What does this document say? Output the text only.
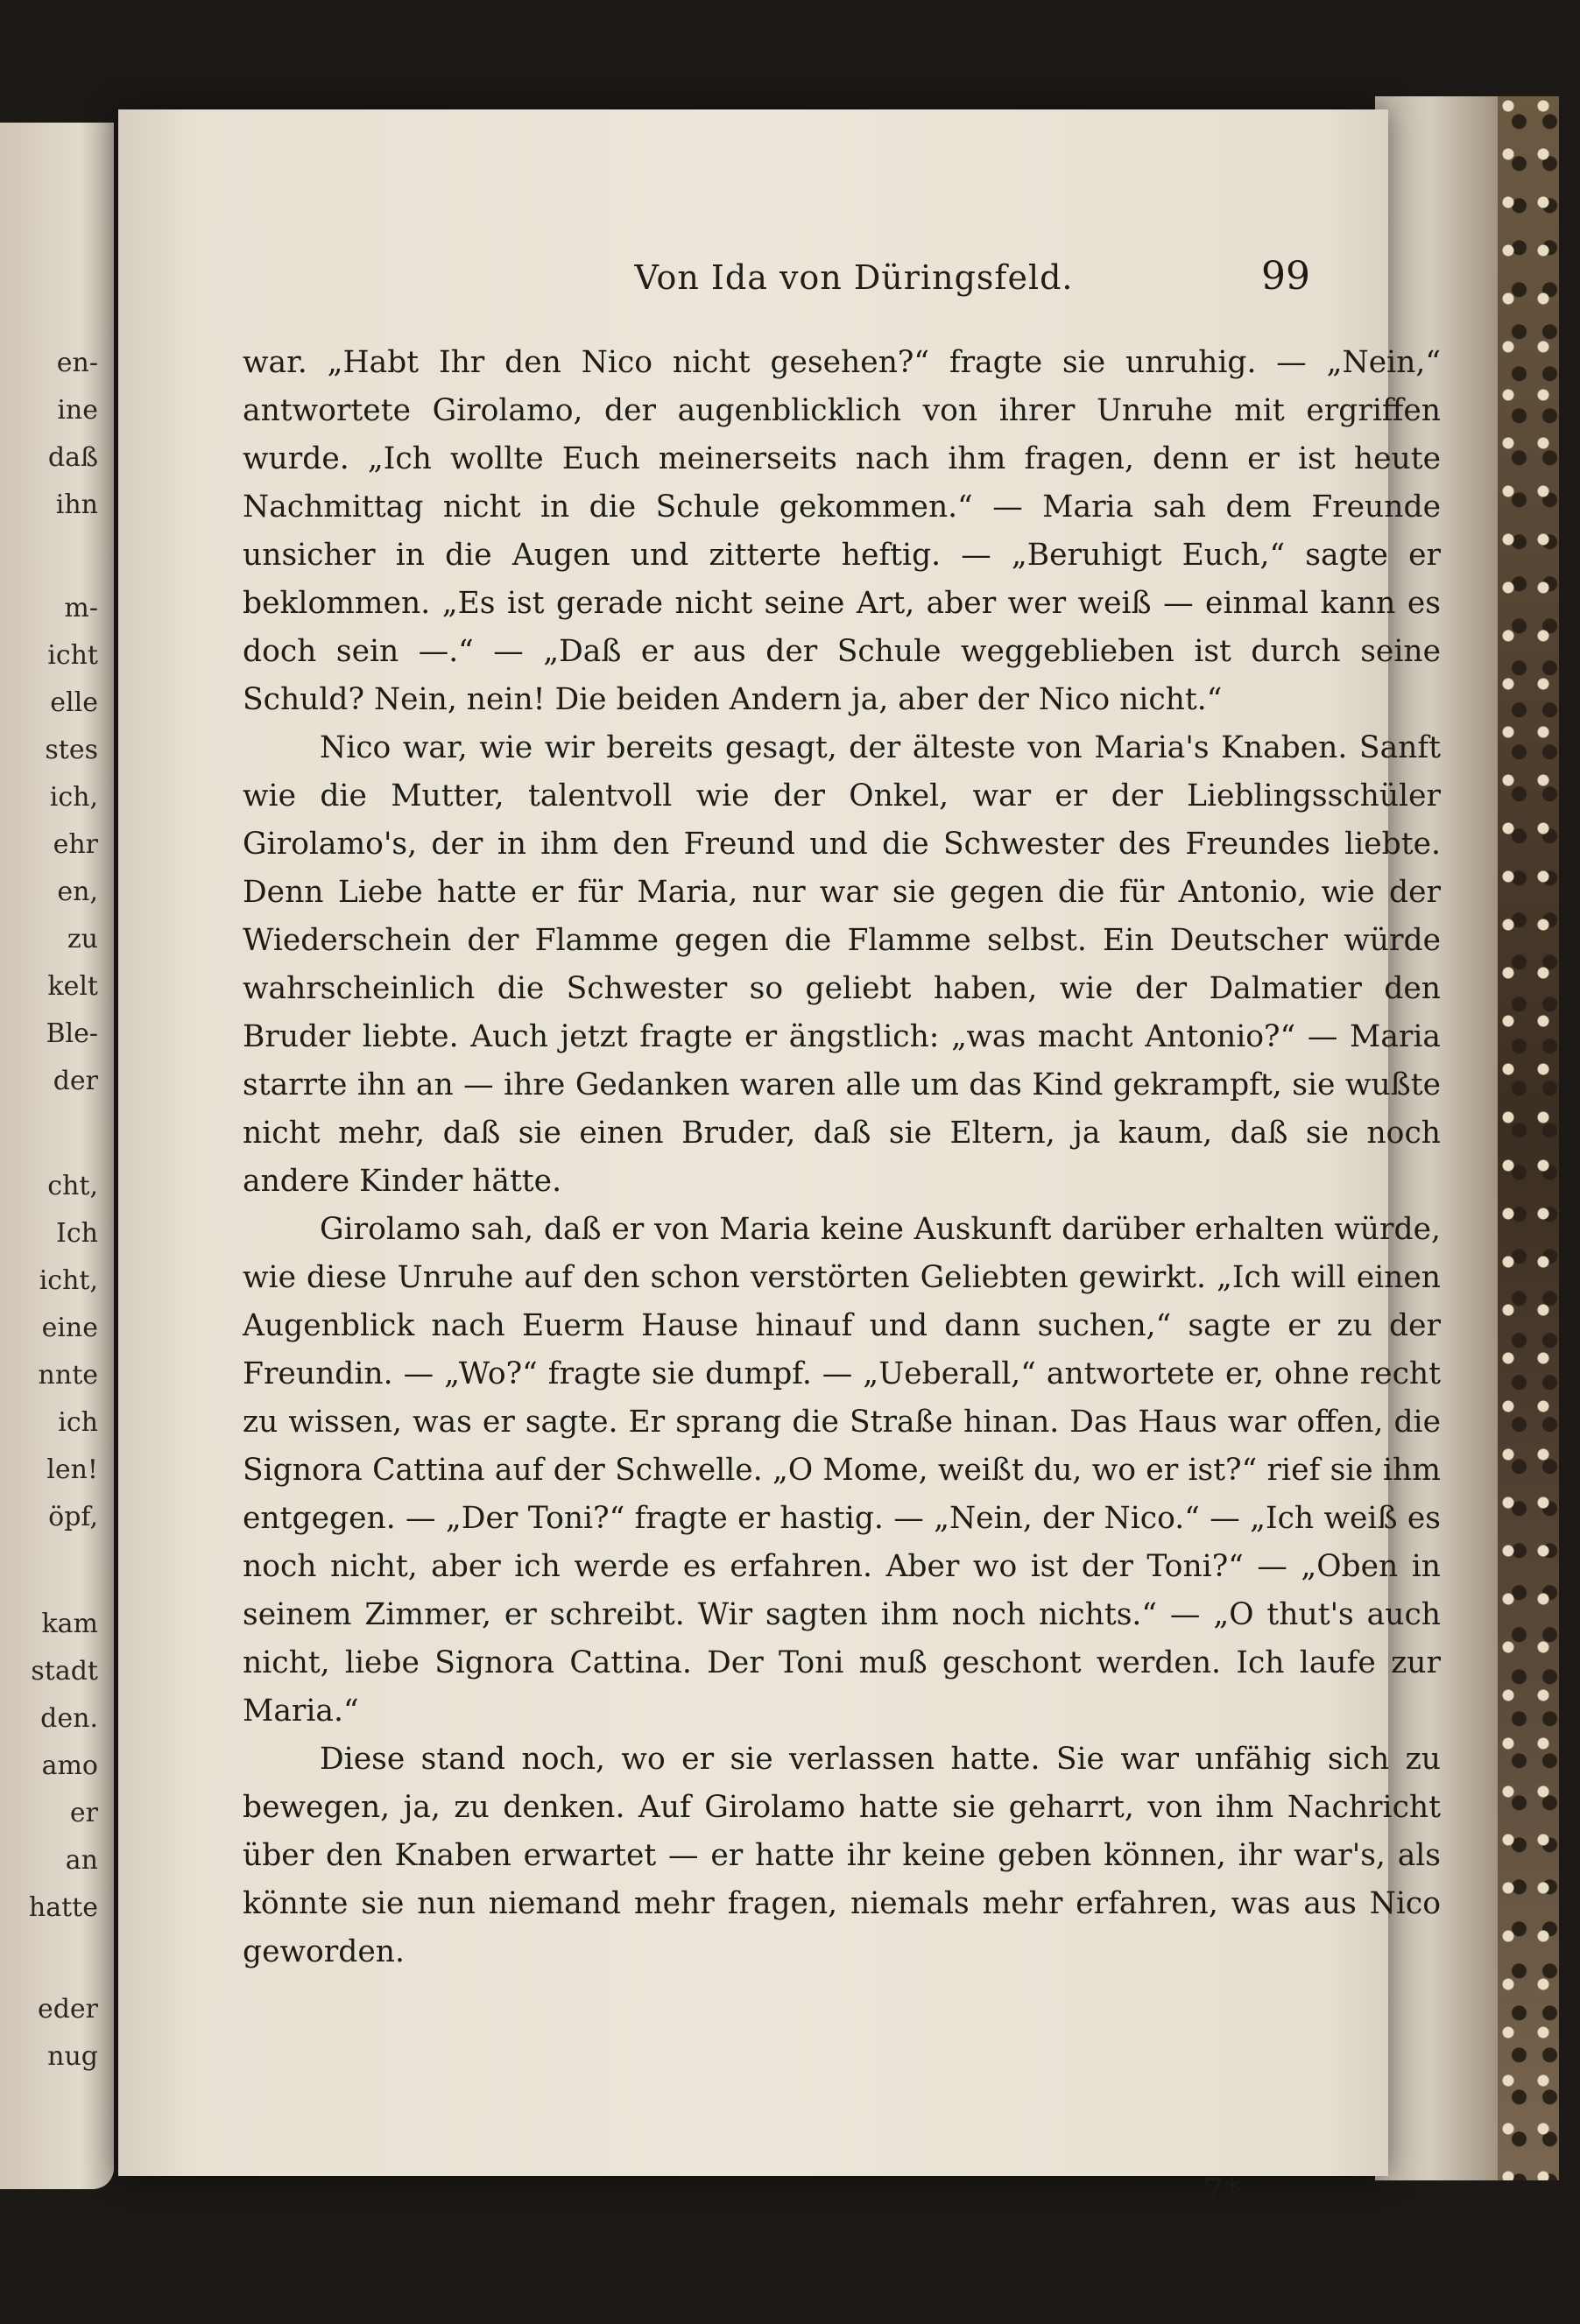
en-
ine
daß
ihn
m-
icht
elle
stes
ich,
ehr
en,
zu
kelt
Ble-
der
cht,
Ich
icht,
eine
nnte
ich
len!
öpf,
kam
stadt
den.
amo
er
an
hatte
eder
nug
Von Ida von Düringsfeld.	99

war. „Habt Ihr den Nico nicht gesehen?“ fragte sie unruhig. — „Nein,“ antwortete Girolamo, der augenblicklich von ihrer Unruhe mit ergriffen wurde. „Ich wollte Euch meinerseits nach ihm fragen, denn er ist heute Nachmittag nicht in die Schule gekommen.“ — Maria sah dem Freunde unsicher in die Augen und zitterte heftig. — „Beruhigt Euch,“ sagte er beklommen. „Es ist gerade nicht seine Art, aber wer weiß — einmal kann es doch sein —.“ — „Daß er aus der Schule weggeblieben ist durch seine Schuld? Nein, nein! Die beiden Andern ja, aber der Nico nicht.“

Nico war, wie wir bereits gesagt, der älteste von Maria's Knaben. Sanft wie die Mutter, talentvoll wie der Onkel, war er der Lieblingsschüler Girolamo's, der in ihm den Freund und die Schwester des Freundes liebte. Denn Liebe hatte er für Maria, nur war sie gegen die für Antonio, wie der Wiederschein der Flamme gegen die Flamme selbst. Ein Deutscher würde wahrscheinlich die Schwester so geliebt haben, wie der Dalmatier den Bruder liebte. Auch jetzt fragte er ängstlich: „was macht Antonio?“ — Maria starrte ihn an — ihre Gedanken waren alle um das Kind gekrampft, sie wußte nicht mehr, daß sie einen Bruder, daß sie Eltern, ja kaum, daß sie noch andere Kinder hätte.

Girolamo sah, daß er von Maria keine Auskunft darüber erhalten würde, wie diese Unruhe auf den schon verstörten Geliebten gewirkt. „Ich will einen Augenblick nach Euerm Hause hinauf und dann suchen,“ sagte er zu der Freundin. — „Wo?“ fragte sie dumpf. — „Ueberall,“ antwortete er, ohne recht zu wissen, was er sagte. Er sprang die Straße hinan. Das Haus war offen, die Signora Cattina auf der Schwelle. „O Mome, weißt du, wo er ist?“ rief sie ihm entgegen. — „Der Toni?“ fragte er hastig. — „Nein, der Nico.“ — „Ich weiß es noch nicht, aber ich werde es erfahren. Aber wo ist der Toni?“ — „Oben in seinem Zimmer, er schreibt. Wir sagten ihm noch nichts.“ — „O thut's auch nicht, liebe Signora Cattina. Der Toni muß geschont werden. Ich laufe zur Maria.“

Diese stand noch, wo er sie verlassen hatte. Sie war unfähig sich zu bewegen, ja, zu denken. Auf Girolamo hatte sie geharrt, von ihm Nachricht über den Knaben erwartet — er hatte ihr keine geben können, ihr war's, als könnte sie nun niemand mehr fragen, niemals mehr erfahren, was aus Nico geworden.

7*
